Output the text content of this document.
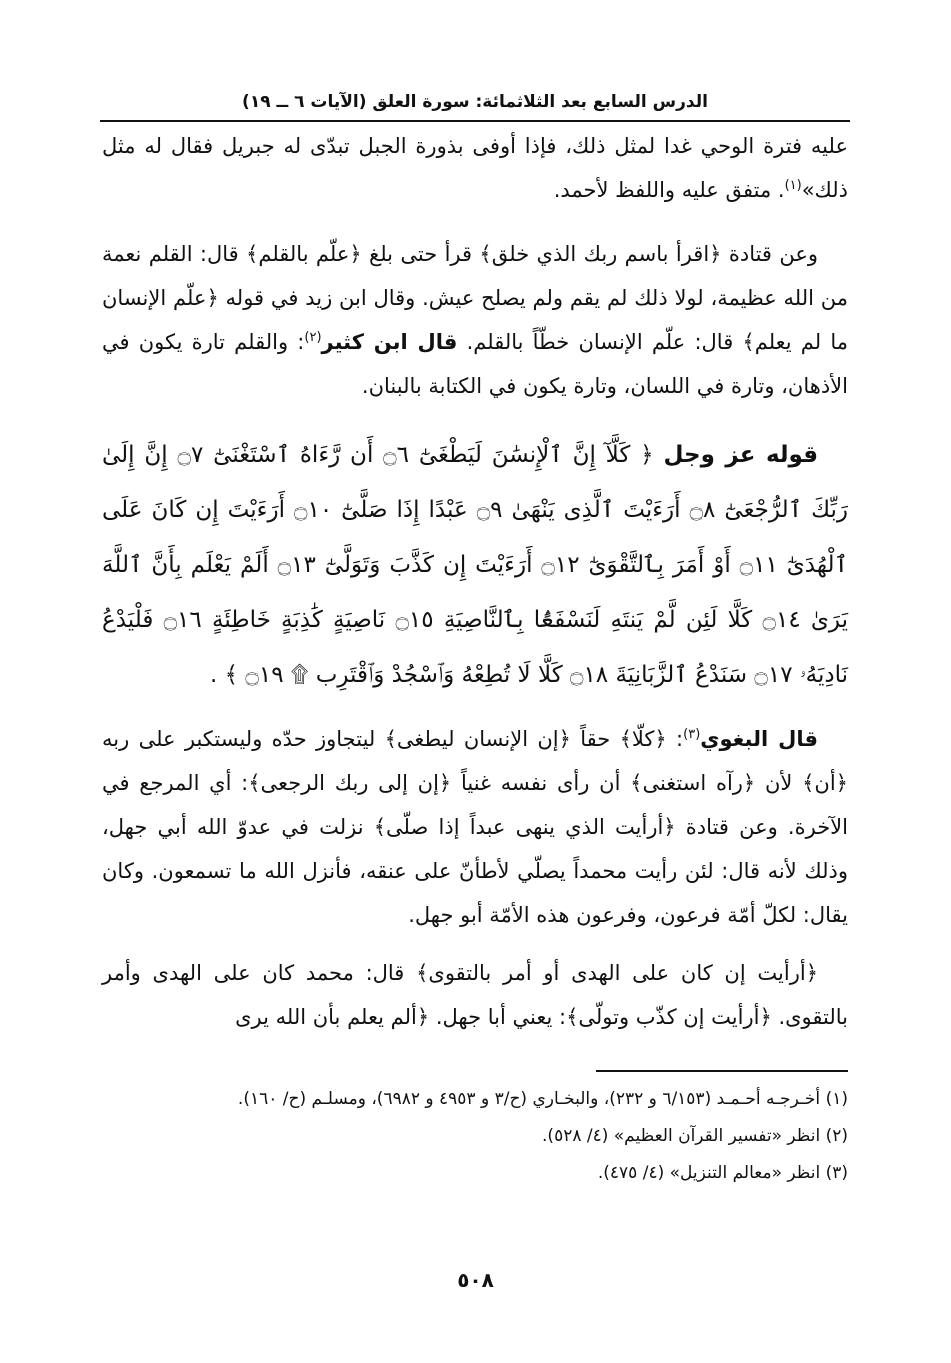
الدرس السابع بعد الثلاثمائة: سورة العلق (الآيات ٦ ــ ١٩)

عليه فترة الوحي غدا لمثل ذلك، فإذا أوفى بذورة الجبل تبدّى له جبريل فقال له مثل ذلك»$^{(١)}$. متفق عليه واللفظ لأحمد.

وعن قتادة ﴿اقرأ باسم ربك الذي خلق﴾ قرأ حتى بلغ ﴿علّم بالقلم﴾ قال: القلم نعمة من الله عظيمة، لولا ذلك لم يقم ولم يصلح عيش. وقال ابن زيد في قوله ﴿علّم الإنسان ما لم يعلم﴾ قال: علّم الإنسان خطّاً بالقلم. قال ابن كثير$^{(٢)}$: والقلم تارة يكون في الأذهان، وتارة في اللسان، وتارة يكون في الكتابة بالبنان.

قوله عز وجل ﴿ كَلَّآ إِنَّ ٱلْإِنسَٰنَ لَيَطْغَىٰٓ ۝٦ أَن رَّءَاهُ ٱسْتَغْنَىٰٓ ۝٧ إِنَّ إِلَىٰ رَبِّكَ ٱلرُّجْعَىٰٓ ۝٨ أَرَءَيْتَ ٱلَّذِى يَنْهَىٰ ۝٩ عَبْدًا إِذَا صَلَّىٰٓ ۝١٠ أَرَءَيْتَ إِن كَانَ عَلَى ٱلْهُدَىٰٓ ۝١١ أَوْ أَمَرَ بِٱلتَّقْوَىٰٓ ۝١٢ أَرَءَيْتَ إِن كَذَّبَ وَتَوَلَّىٰٓ ۝١٣ أَلَمْ يَعْلَم بِأَنَّ ٱللَّهَ يَرَىٰ ۝١٤ كَلَّا لَئِن لَّمْ يَنتَهِ لَنَسْفَعًۢا بِٱلنَّاصِيَةِ ۝١٥ نَاصِيَةٍ كَٰذِبَةٍ خَاطِئَةٍ ۝١٦ فَلْيَدْعُ نَادِيَهُۥ ۝١٧ سَنَدْعُ ٱلزَّبَانِيَةَ ۝١٨ كَلَّا لَا تُطِعْهُ وَٱسْجُدْ وَٱقْتَرِب ۩ ۝١٩ ﴾ .

قال البغوي$^{(٣)}$: ﴿كلّا﴾ حقاً ﴿إن الإنسان ليطغى﴾ ليتجاوز حدّه وليستكبر على ربه ﴿أن﴾ لأن ﴿رآه استغنى﴾ أن رأى نفسه غنياً ﴿إن إلى ربك الرجعى﴾: أي المرجع في الآخرة. وعن قتادة ﴿أرأيت الذي ينهى عبداً إذا صلّى﴾ نزلت في عدوّ الله أبي جهل، وذلك لأنه قال: لئن رأيت محمداً يصلّي لأطأنّ على عنقه، فأنزل الله ما تسمعون. وكان يقال: لكلّ أمّة فرعون، وفرعون هذه الأمّة أبو جهل.

﴿أرأيت إن كان على الهدى أو أمر بالتقوى﴾ قال: محمد كان على الهدى وأمر بالتقوى. ﴿أرأيت إن كذّب وتولّى﴾: يعني أبا جهل. ﴿ألم يعلم بأن الله يرى

(١) أخـرجـه أحـمـد (٦/١٥٣ و ٢٣٢)، والبخـاري (ح/٣ و ٤٩٥٣ و ٦٩٨٢)، ومسلـم (ح/ ١٦٠).

(٢) انظر «تفسير القرآن العظيم» (٤/ ٥٢٨).

(٣) انظر «معالم التنزيل» (٤/ ٤٧٥).

٥٠٨
